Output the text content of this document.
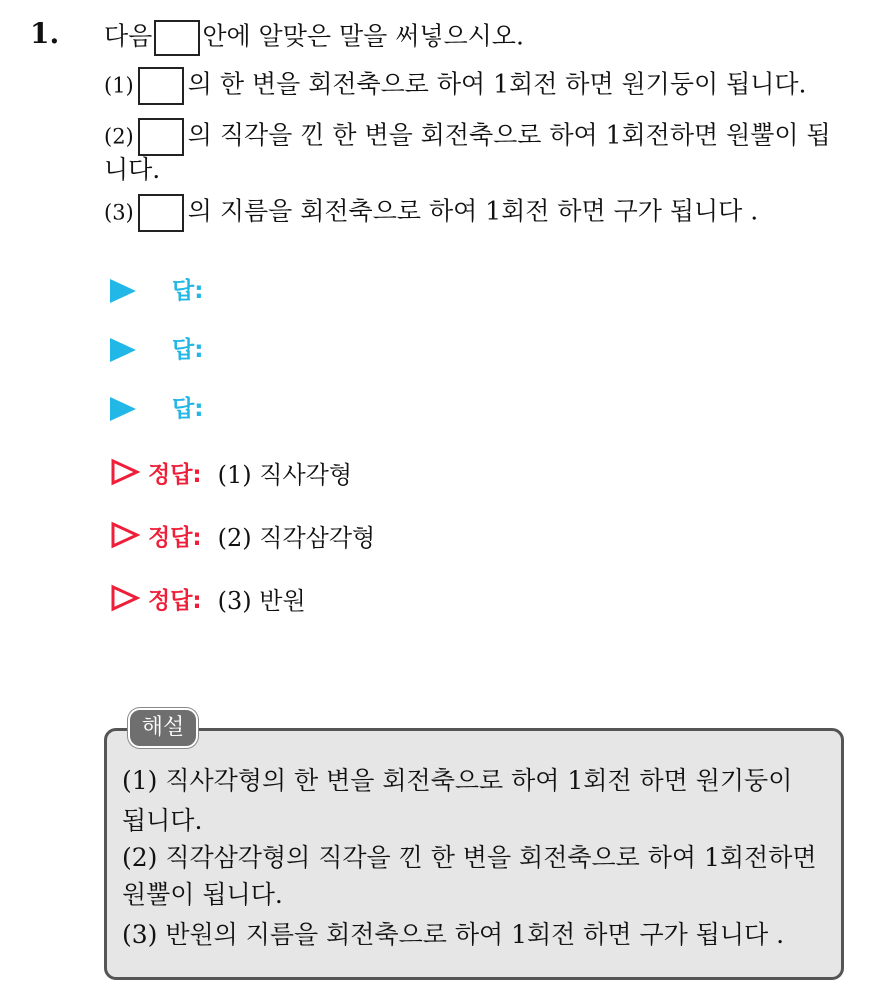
1. 다음 안에 알맞은 말을 써넣으시오.
(1) 의 한 변을 회전축으로 하여 1회전 하면 원기둥이 됩니다.
(2) 의 직각을 낀 한 변을 회전축으로 하여 1회전하면 원뿔이 됩
니다.
(3) 의 지름을 회전축으로 하여 1회전 하면 구가 됩니다 .
답:
답:
답:
정답: (1) 직사각형
정답: (2) 직각삼각형
정답: (3) 반원
해설
(1) 직사각형의 한 변을 회전축으로 하여 1회전 하면 원기둥이
됩니다.
(2) 직각삼각형의 직각을 낀 한 변을 회전축으로 하여 1회전하면
원뿔이 됩니다.
(3) 반원의 지름을 회전축으로 하여 1회전 하면 구가 됩니다 .
